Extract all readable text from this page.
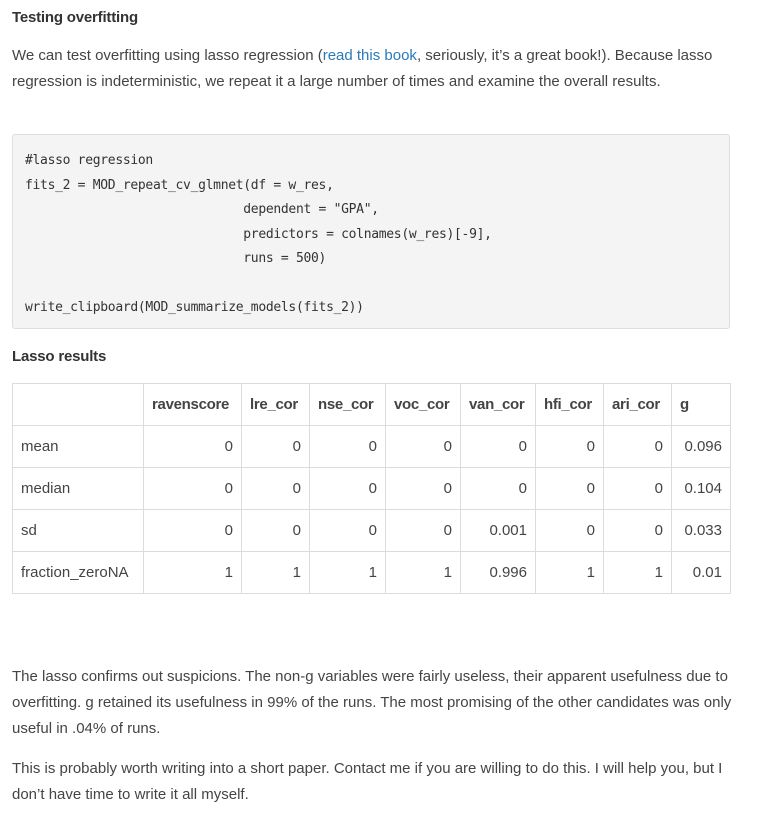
Testing overfitting

We can test overfitting using lasso regression (read this book, seriously, it’s a great book!). Because lasso regression is indeterministic, we repeat it a large number of times and examine the overall results.

#lasso regression
fits_2 = MOD_repeat_cv_glmnet(df = w_res,
dependent = "GPA",
predictors = colnames(w_res)[-9],
runs = 500)

write_clipboard(MOD_summarize_models(fits_2))
Lasso results
	ravenscore	lre_cor	nse_cor	voc_cor	van_cor	hfi_cor	ari_cor	g
mean	0	0	0	0	0	0	0	0.096
median	0	0	0	0	0	0	0	0.104
sd	0	0	0	0	0.001	0	0	0.033
fraction_zeroNA	1	1	1	1	0.996	1	1	0.01

The lasso confirms out suspicions. The non-g variables were fairly useless, their apparent usefulness due to overfitting. g retained its usefulness in 99% of the runs. The most promising of the other candidates was only useful in .04% of runs.

This is probably worth writing into a short paper. Contact me if you are willing to do this. I will help you, but I don’t have time to write it all myself.
